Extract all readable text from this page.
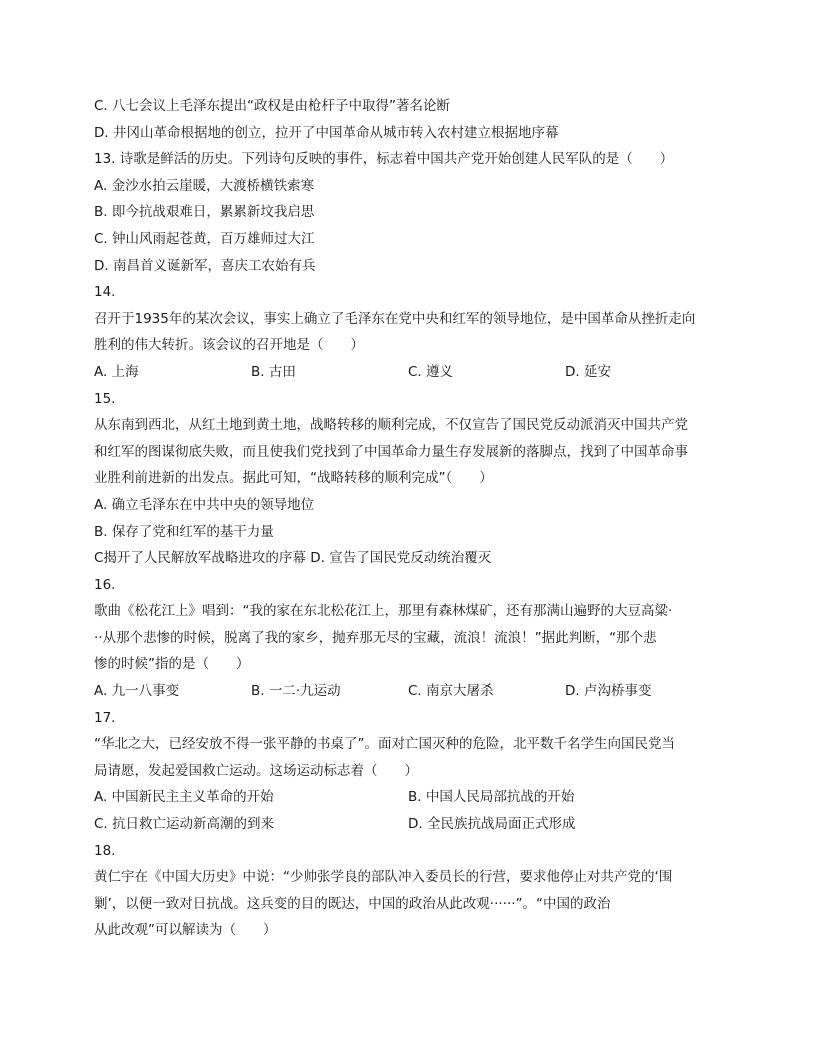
C. 八七会议上毛泽东提出“政权是由枪杆子中取得”著名论断
D. 井冈山革命根据地的创立，拉开了中国革命从城市转入农村建立根据地序幕
13. 诗歌是鲜活的历史。下列诗句反映的事件，标志着中国共产党开始创建人民军队的是（　　）
A. 金沙水拍云崖暖，大渡桥横铁索寒
B. 即今抗战艰难日，累累新坟我启思
C. 钟山风雨起苍黄，百万雄师过大江
D. 南昌首义诞新军，喜庆工农始有兵
14.
召开于1935年的某次会议，事实上确立了毛泽东在党中央和红军的领导地位，是中国革命从挫折走向
胜利的伟大转折。该会议的召开地是（　　）
A. 上海	B. 古田	C. 遵义	D. 延安
15.
从东南到西北，从红土地到黄土地，战略转移的顺利完成，不仅宣告了国民党反动派消灭中国共产党
和红军的图谋彻底失败，而且使我们党找到了中国革命力量生存发展新的落脚点，找到了中国革命事
业胜利前进新的出发点。据此可知，“战略转移的顺利完成”（　　）
A. 确立毛泽东在中共中央的领导地位
B. 保存了党和红军的基干力量
C揭开了人民解放军战略进攻的序幕 D. 宣告了国民党反动统治覆灭
16.
歌曲《松花江上》唱到：“我的家在东北松花江上，那里有森林煤矿，还有那满山遍野的大豆高粱·
··从那个悲惨的时候，脱离了我的家乡，抛弃那无尽的宝藏，流浪！流浪！”据此判断，“那个悲
惨的时候”指的是（　　）
A. 九一八事变	B. 一二·九运动	C. 南京大屠杀	D. 卢沟桥事变
17.
“华北之大，已经安放不得一张平静的书桌了”。面对亡国灭种的危险，北平数千名学生向国民党当
局请愿，发起爱国救亡运动。这场运动标志着（　　）
A. 中国新民主主义革命的开始	B. 中国人民局部抗战的开始
C. 抗日救亡运动新高潮的到来	D. 全民族抗战局面正式形成
18.
黄仁宇在《中国大历史》中说：“少帅张学良的部队冲入委员长的行营，要求他停止对共产党的‘围
剿’，以便一致对日抗战。这兵变的目的既达，中国的政治从此改观······”。“中国的政治
从此改观”可以解读为（　　）
